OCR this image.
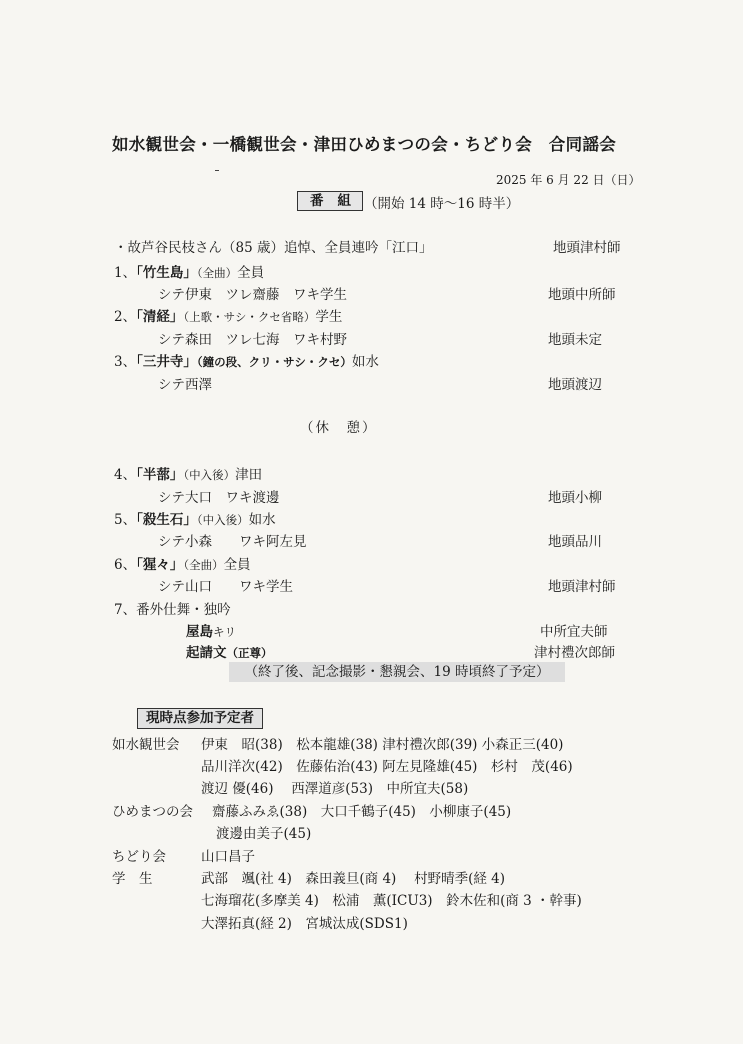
如水観世会・一橋観世会・津田ひめまつの会・ちどり会　合同謡会
2025 年 6 月 22 日（日）
番組 （開始 14 時〜16 時半）
・故芦谷民枝さん（85 歳）追悼、全員連吟「江口」	地頭津村師
1、「竹生島」（全曲）全員
シテ伊東　ツレ齋藤　ワキ学生	地頭中所師
2、「清経」（上歌・サシ・クセ省略）学生
シテ森田　ツレ七海　ワキ村野	地頭未定
3、「三井寺」（鐘の段、クリ・サシ・クセ）如水
シテ西澤	地頭渡辺
（休　憩）
4、「半蔀」（中入後）津田
シテ大口　ワキ渡邊	地頭小柳
5、「殺生石」（中入後）如水
シテ小森　　ワキ阿左見	地頭品川
6、「猩々」（全曲）全員
シテ山口　　ワキ学生	地頭津村師
7、番外仕舞・独吟
屋島キリ	中所宜夫師
起請文（正尊）	津村禮次郎師
（終了後、記念撮影・懇親会、19 時頃終了予定）
現時点参加予定者
如水観世会 伊東　昭(38)　松本龍雄(38) 津村禮次郎(39) 小森正三(40)
品川洋次(42)　佐藤佑治(43) 阿左見隆雄(45)　杉村　茂(46)
渡辺 優(46)　 西澤道彦(53)　中所宜夫(58)
ひめまつの会 齋藤ふみゑ(38)　大口千鶴子(45)　小柳康子(45)
渡邊由美子(45)
ちどり会	山口昌子
学　生	武部　颯(社 4)　森田義旦(商 4)　 村野晴季(経 4)
七海瑠花(多摩美 4)　松浦　薫(ICU3)　鈴木佐和(商 3 ・幹事)
大澤拓真(経 2)　宮城汰成(SDS1)
